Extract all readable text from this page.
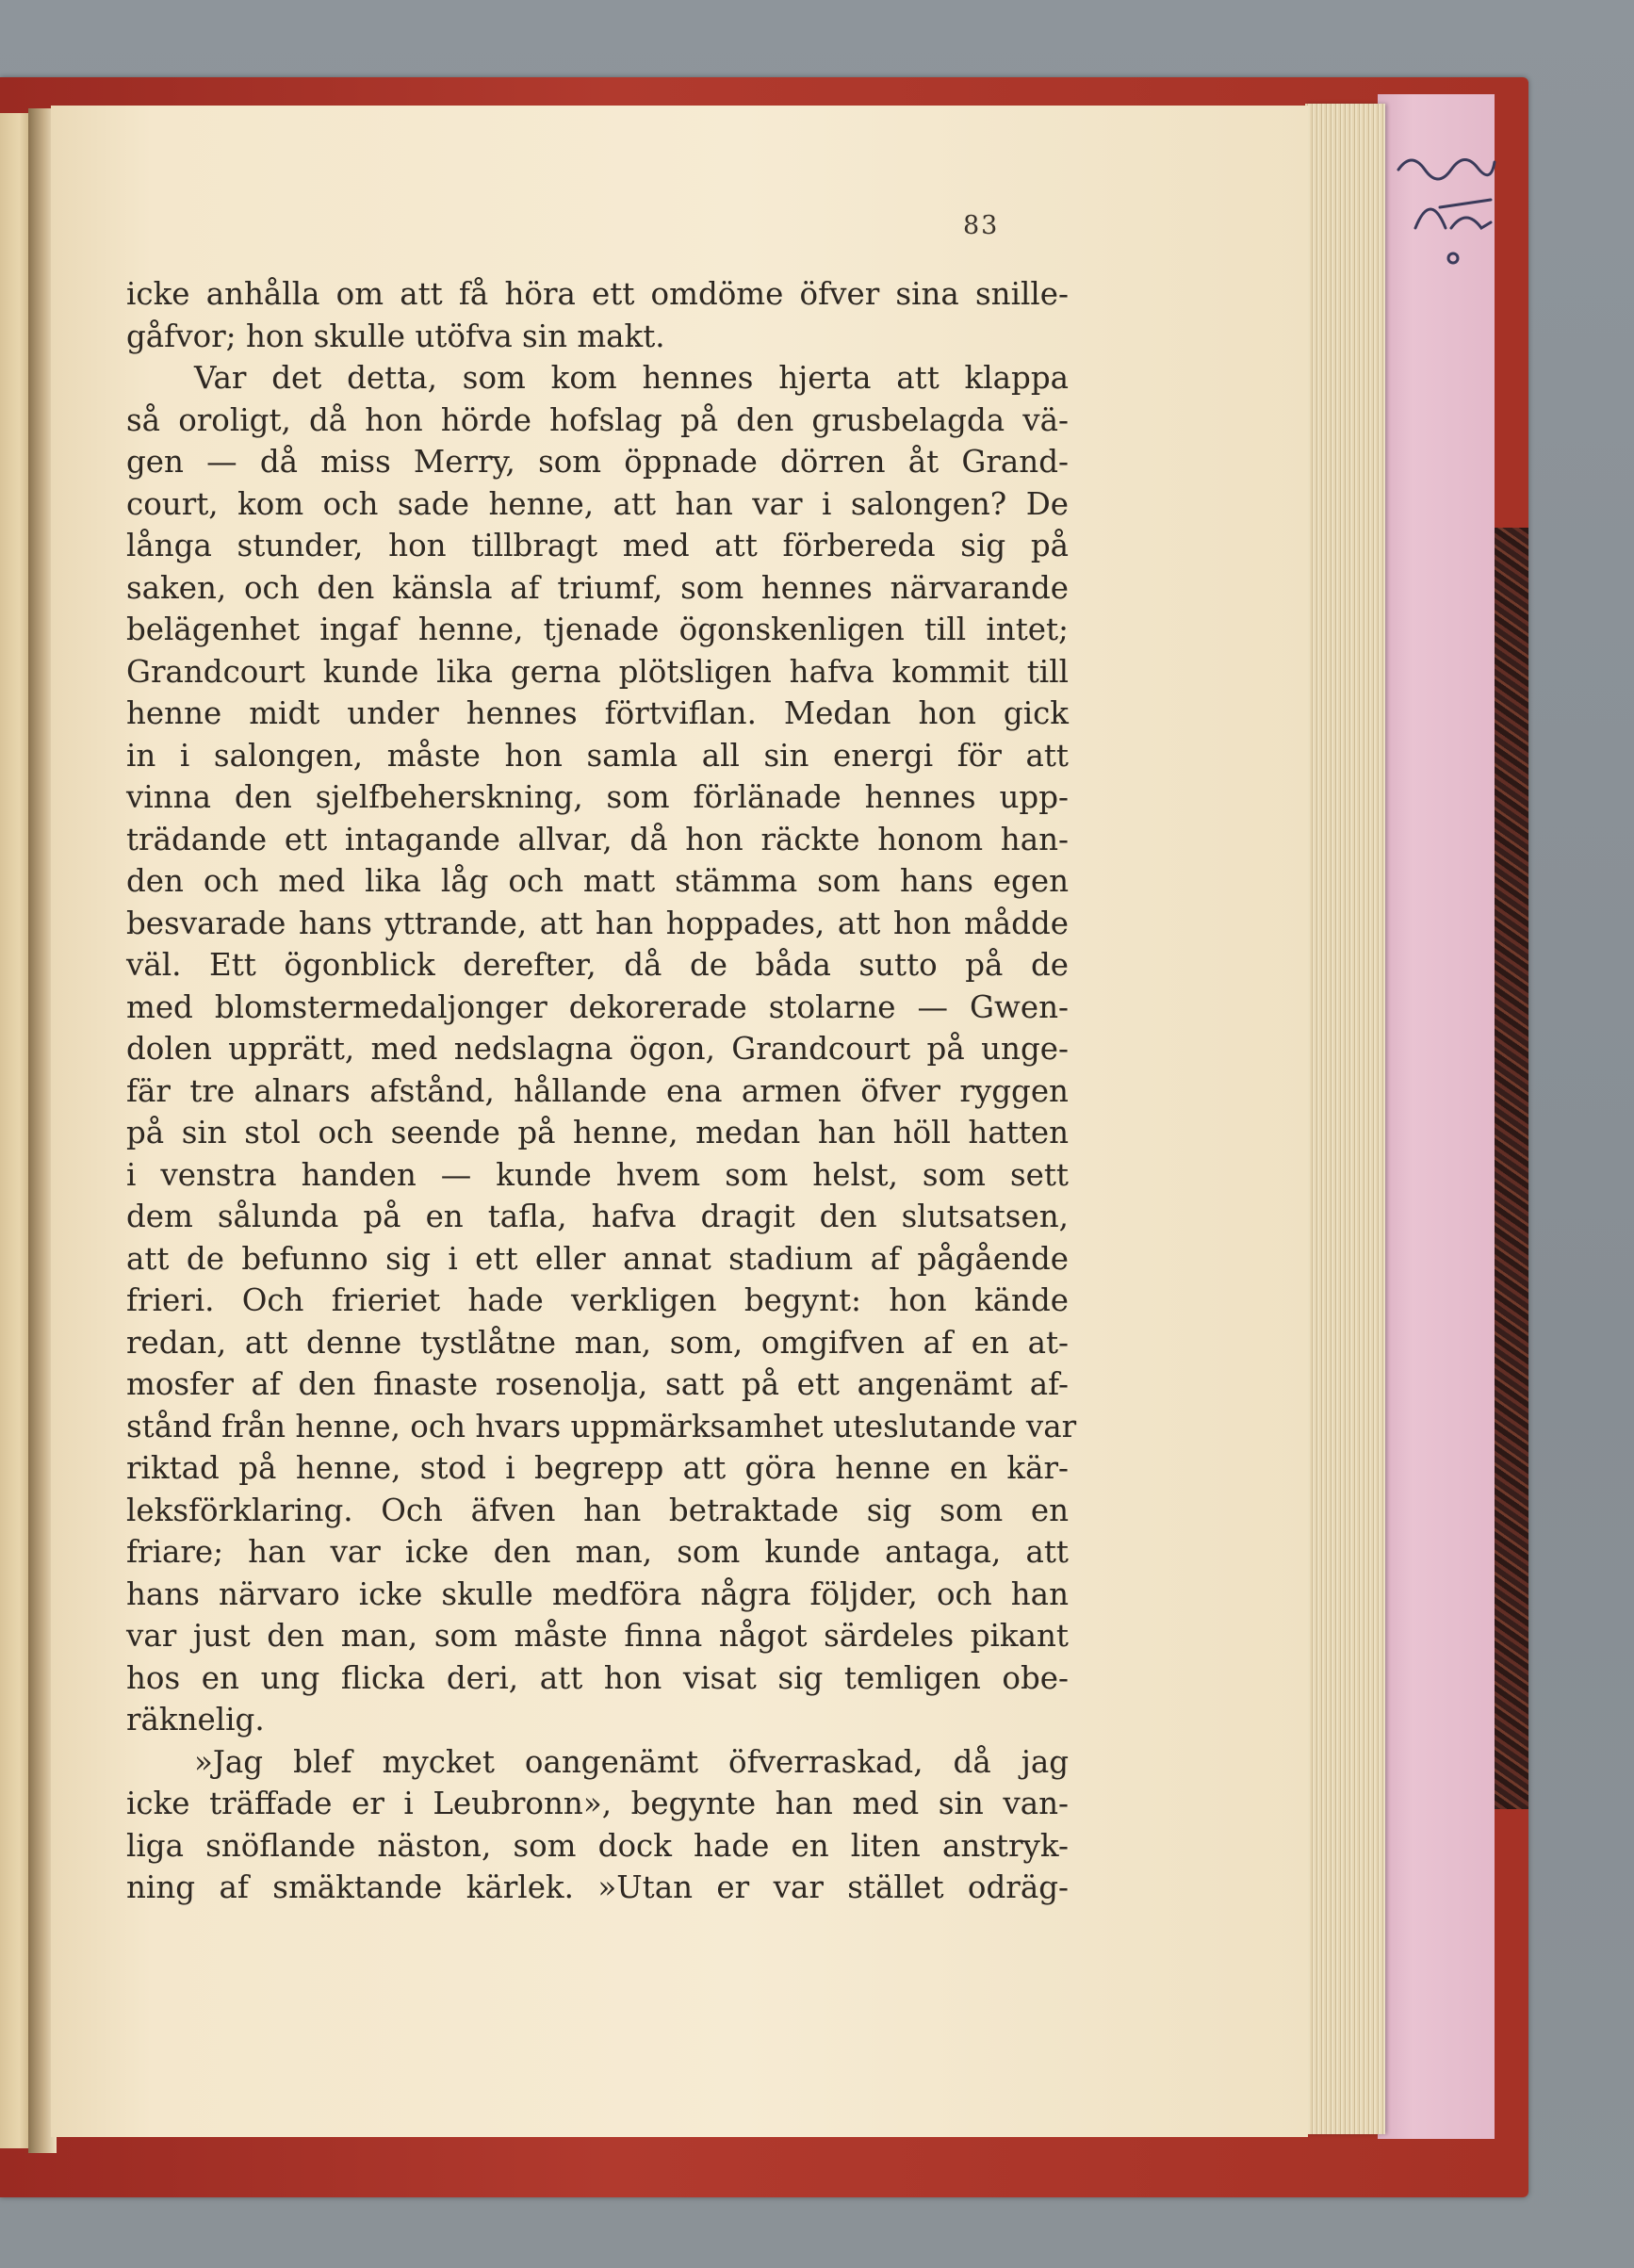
83
icke anhålla om att få höra ett omdöme öfver sina snille-
gåfvor; hon skulle utöfva sin makt.
Var det detta, som kom hennes hjerta att klappa
så oroligt, då hon hörde hofslag på den grusbelagda vä-
gen — då miss Merry, som öppnade dörren åt Grand-
court, kom och sade henne, att han var i salongen? De
långa stunder, hon tillbragt med att förbereda sig på
saken, och den känsla af triumf, som hennes närvarande
belägenhet ingaf henne, tjenade ögonskenligen till intet;
Grandcourt kunde lika gerna plötsligen hafva kommit till
henne midt under hennes förtviflan. Medan hon gick
in i salongen, måste hon samla all sin energi för att
vinna den sjelfbeherskning, som förlänade hennes upp-
trädande ett intagande allvar, då hon räckte honom han-
den och med lika låg och matt stämma som hans egen
besvarade hans yttrande, att han hoppades, att hon mådde
väl. Ett ögonblick derefter, då de båda sutto på de
med blomstermedaljonger dekorerade stolarne — Gwen-
dolen upprätt, med nedslagna ögon, Grandcourt på unge-
fär tre alnars afstånd, hållande ena armen öfver ryggen
på sin stol och seende på henne, medan han höll hatten
i venstra handen — kunde hvem som helst, som sett
dem sålunda på en tafla, hafva dragit den slutsatsen,
att de befunno sig i ett eller annat stadium af pågående
frieri. Och frieriet hade verkligen begynt: hon kände
redan, att denne tystlåtne man, som, omgifven af en at-
mosfer af den finaste rosenolja, satt på ett angenämt af-
stånd från henne, och hvars uppmärksamhet uteslutande var
riktad på henne, stod i begrepp att göra henne en kär-
leksförklaring. Och äfven han betraktade sig som en
friare; han var icke den man, som kunde antaga, att
hans närvaro icke skulle medföra några följder, och han
var just den man, som måste finna något särdeles pikant
hos en ung flicka deri, att hon visat sig temligen obe-
räknelig.
»Jag blef mycket oangenämt öfverraskad, då jag
icke träffade er i Leubronn», begynte han med sin van-
liga snöflande näston, som dock hade en liten anstryk-
ning af smäktande kärlek. »Utan er var stället odräg-
